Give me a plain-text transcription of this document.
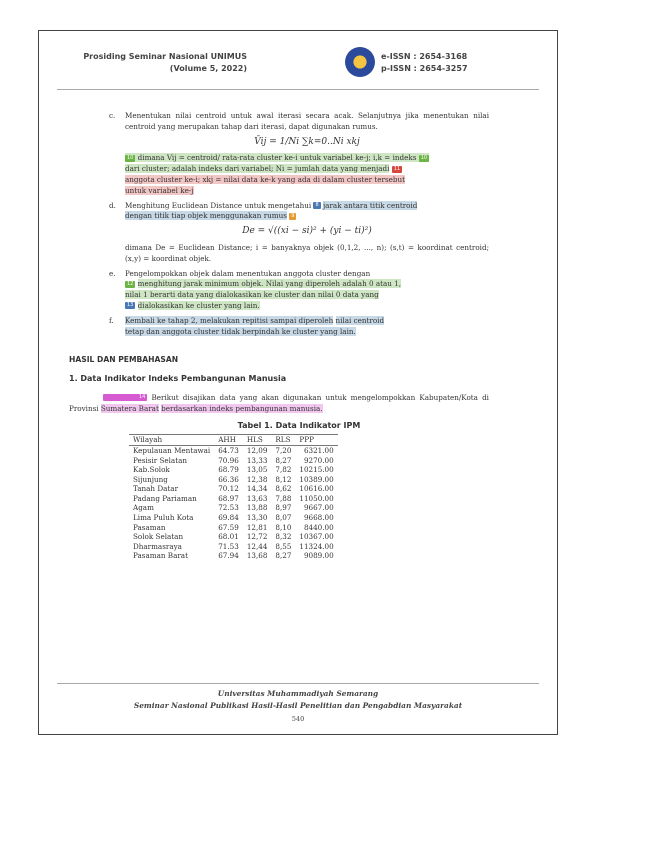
Prosiding Seminar Nasional UNIMUS
(Volume 5, 2022)
e-ISSN : 2654-3168
p-ISSN : 2654-3257
c. Menentukan nilai centroid untuk awal iterasi secara acak. Selanjutnya jika menentukan nilai centroid yang merupakan tahap dari iterasi, dapat digunakan rumus.
V̄ij = 1/Ni ∑k=0..Ni xkj
10 dimana Vij = centroid/ rata-rata cluster ke-i untuk variabel ke-j; i,k = indeks 10
dari cluster; adalah indeks dari variabel; Ni = jumlah data yang menjadi 11
anggota cluster ke-i; xkj = nilai data ke-k yang ada di dalam cluster tersebut
untuk variabel ke-j
d. Menghitung Euclidean Distance untuk mengetahui 8 jarak antara titik centroid
dengan titik tiap objek menggunakan rumus 9
De = √((xi − si)² + (yi − ti)²)
dimana De = Euclidean Distance; i = banyaknya objek (0,1,2, ..., n); (s,t) = koordinat centroid; (x,y) = koordinat objek.
e. Pengelompokkan objek dalam menentukan anggota cluster dengan
12 menghitung jarak minimum objek. Nilai yang diperoleh adalah 0 atau 1,
nilai 1 berarti data yang dialokasikan ke cluster dan nilai 0 data yang
13 dialokasikan ke cluster yang lain.
f. Kembali ke tahap 2, melakukan repitisi sampai diperoleh nilai centroid
tetap dan anggota cluster tidak berpindah ke cluster yang lain.
HASIL DAN PEMBAHASAN
1. Data Indikator Indeks Pembangunan Manusia
14 Berikut disajikan data yang akan digunakan untuk mengelompokkan Kabupaten/Kota di Provinsi Sumatera Barat berdasarkan indeks pembangunan manusia.
Tabel 1. Data Indikator IPM
Wilayah	AHH	HLS	RLS	PPP
Kepulauan Mentawai	64.73	12,09	7,20	6321.00
Pesisir Selatan	70.96	13,33	8,27	9270.00
Kab.Solok	68.79	13,05	7,82	10215.00
Sijunjung	66.36	12,38	8,12	10389.00
Tanah Datar	70.12	14,34	8,62	10616.00
Padang Pariaman	68.97	13,63	7,88	11050.00
Agam	72.53	13,88	8,97	9667.00
Lima Puluh Kota	69.84	13,30	8,07	9668.00
Pasaman	67.59	12,81	8,10	8440.00
Solok Selatan	68.01	12,72	8,32	10367.00
Dharmasraya	71.53	12,44	8,55	11324.00
Pasaman Barat	67.94	13,68	8,27	9089.00
Universitas Muhammadiyah Semarang
Seminar Nasional Publikasi Hasil-Hasil Penelitian dan Pengabdian Masyarakat
540
